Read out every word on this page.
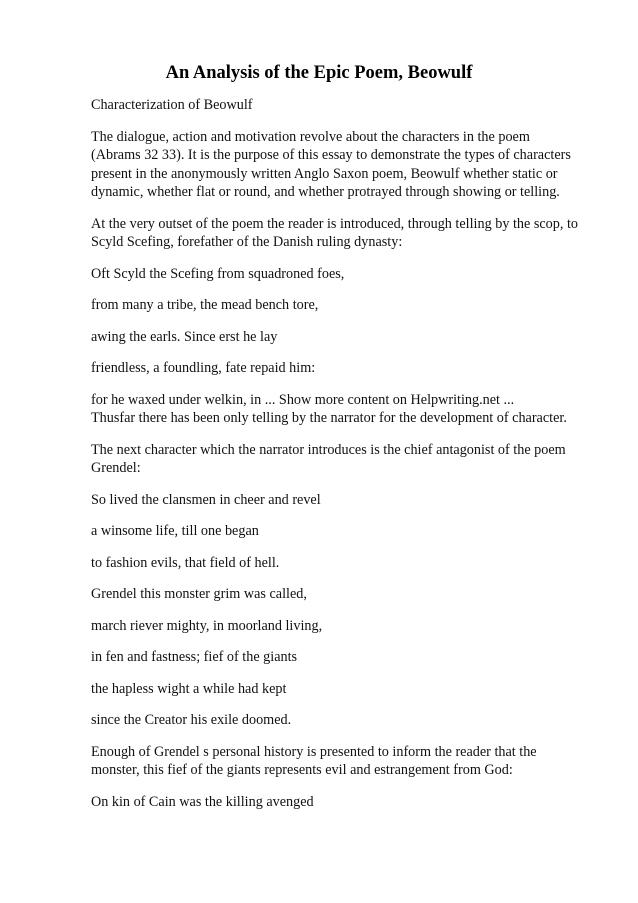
An Analysis of the Epic Poem, Beowulf
Characterization of Beowulf
The dialogue, action and motivation revolve about the characters in the poem
(Abrams 32 33). It is the purpose of this essay to demonstrate the types of characters
present in the anonymously written Anglo Saxon poem, Beowulf whether static or
dynamic, whether flat or round, and whether protrayed through showing or telling.
At the very outset of the poem the reader is introduced, through telling by the scop, to
Scyld Scefing, forefather of the Danish ruling dynasty:
Oft Scyld the Scefing from squadroned foes,
from many a tribe, the mead bench tore,
awing the earls. Since erst he lay
friendless, a foundling, fate repaid him:
for he waxed under welkin, in ... Show more content on Helpwriting.net ...
Thusfar there has been only telling by the narrator for the development of character.
The next character which the narrator introduces is the chief antagonist of the poem
Grendel:
So lived the clansmen in cheer and revel
a winsome life, till one began
to fashion evils, that field of hell.
Grendel this monster grim was called,
march riever mighty, in moorland living,
in fen and fastness; fief of the giants
the hapless wight a while had kept
since the Creator his exile doomed.
Enough of Grendel s personal history is presented to inform the reader that the
monster, this fief of the giants represents evil and estrangement from God:
On kin of Cain was the killing avenged
